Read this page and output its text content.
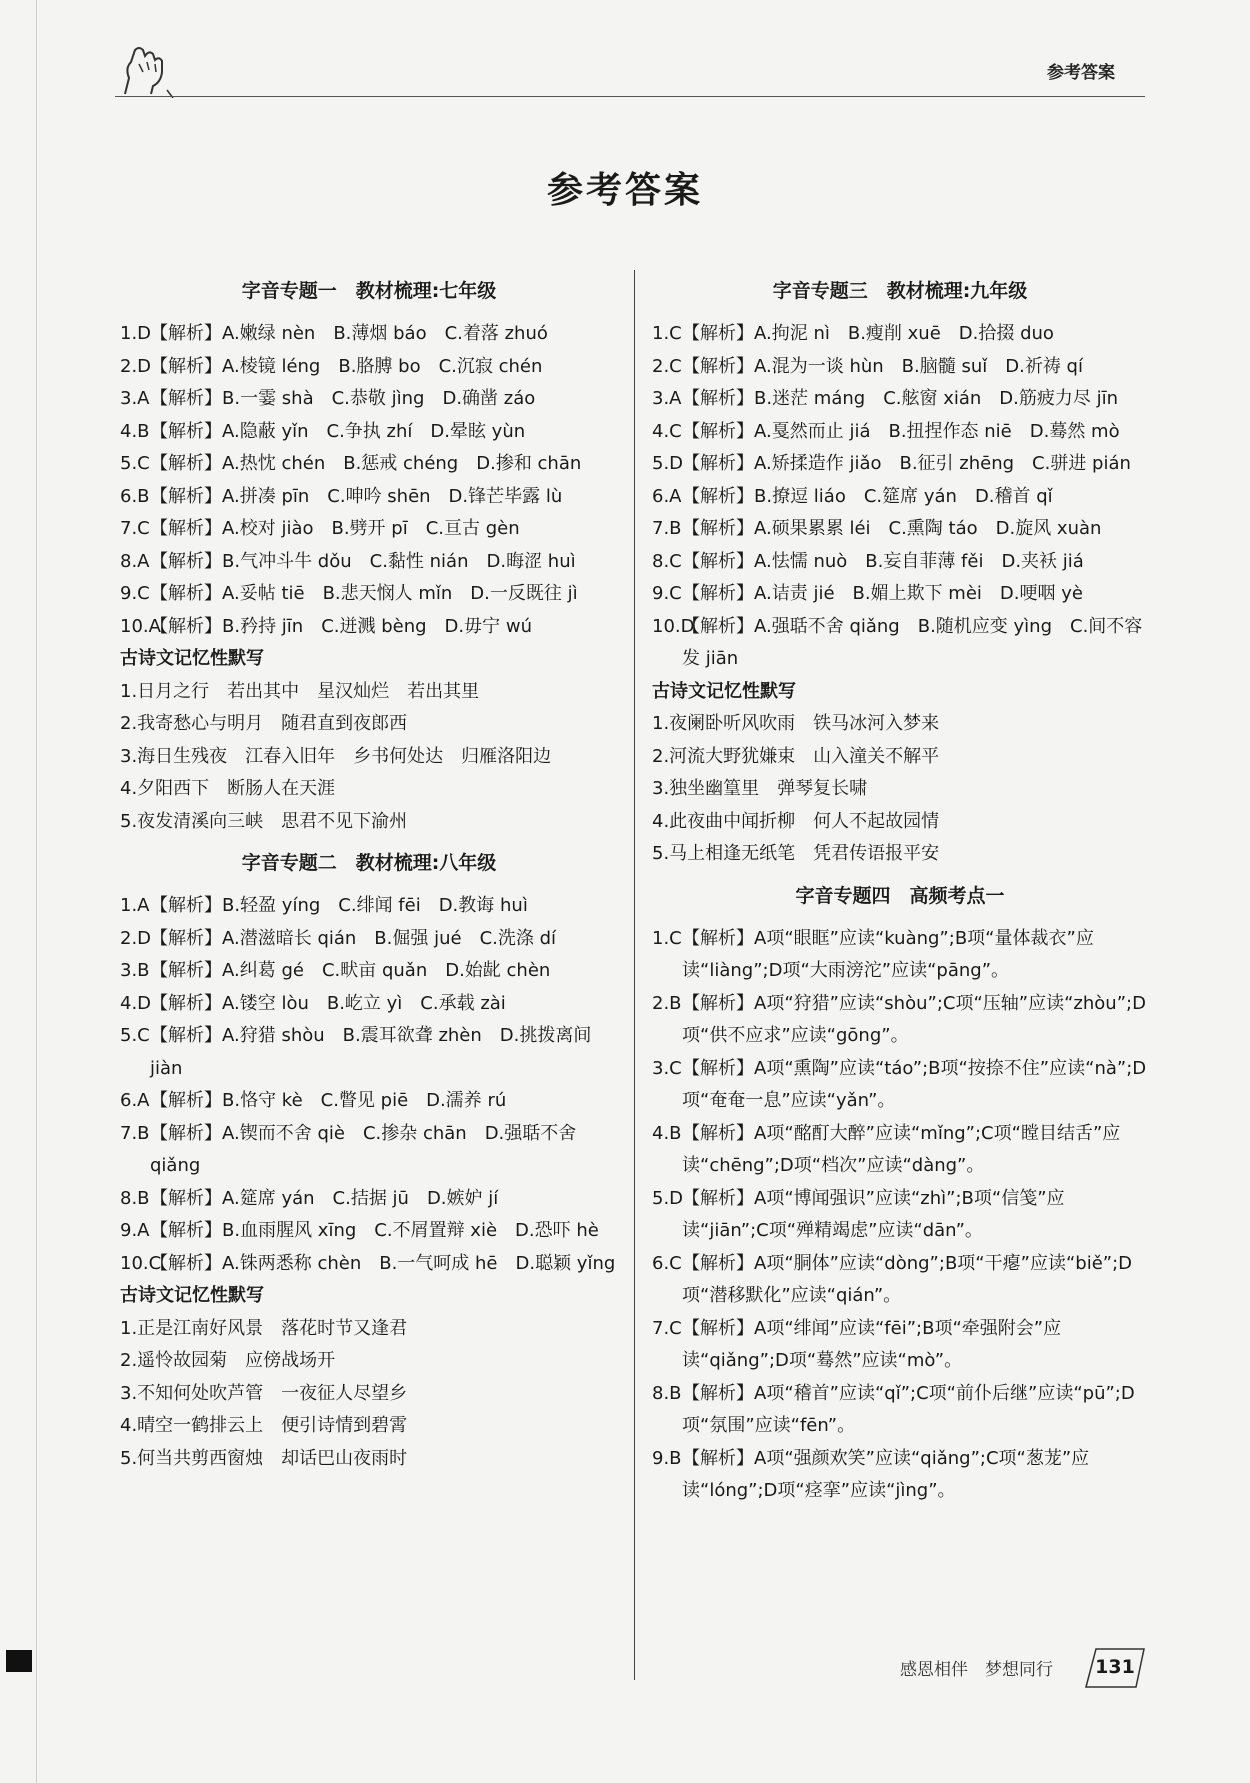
参考答案
参考答案
字音专题一　教材梳理:七年级
1.D【解析】A.嫩绿 nèn　B.薄烟 báo　C.着落 zhuó
2.D【解析】A.棱镜 léng　B.胳膊 bo　C.沉寂 chén
3.A【解析】B.一霎 shà　C.恭敬 jìng　D.确凿 záo
4.B【解析】A.隐蔽 yǐn　C.争执 zhí　D.晕眩 yùn
5.C【解析】A.热忱 chén　B.惩戒 chéng　D.掺和 chān
6.B【解析】A.拼凑 pīn　C.呻吟 shēn　D.锋芒毕露 lù
7.C【解析】A.校对 jiào　B.劈开 pī　C.亘古 gèn
8.A【解析】B.气冲斗牛 dǒu　C.黏性 nián　D.晦涩 huì
9.C【解析】A.妥帖 tiē　B.悲天悯人 mǐn　D.一反既往 jì
10.A【解析】B.矜持 jīn　C.迸溅 bèng　D.毋宁 wú
古诗文记忆性默写
1.日月之行　若出其中　星汉灿烂　若出其里
2.我寄愁心与明月　随君直到夜郎西
3.海日生残夜　江春入旧年　乡书何处达　归雁洛阳边
4.夕阳西下　断肠人在天涯
5.夜发清溪向三峡　思君不见下渝州
字音专题二　教材梳理:八年级
1.A【解析】B.轻盈 yíng　C.绯闻 fēi　D.教诲 huì
2.D【解析】A.潜滋暗长 qián　B.倔强 jué　C.洗涤 dí
3.B【解析】A.纠葛 gé　C.畎亩 quǎn　D.始龀 chèn
4.D【解析】A.镂空 lòu　B.屹立 yì　C.承载 zài
5.C【解析】A.狩猎 shòu　B.震耳欲聋 zhèn　D.挑拨离间 jiàn
6.A【解析】B.恪守 kè　C.瞥见 piē　D.濡养 rú
7.B【解析】A.锲而不舍 qiè　C.掺杂 chān　D.强聒不舍 qiǎng
8.B【解析】A.筵席 yán　C.拮据 jū　D.嫉妒 jí
9.A【解析】B.血雨腥风 xīng　C.不屑置辩 xiè　D.恐吓 hè
10.C【解析】A.铢两悉称 chèn　B.一气呵成 hē　D.聪颖 yǐng
古诗文记忆性默写
1.正是江南好风景　落花时节又逢君
2.遥怜故园菊　应傍战场开
3.不知何处吹芦管　一夜征人尽望乡
4.晴空一鹤排云上　便引诗情到碧霄
5.何当共剪西窗烛　却话巴山夜雨时
字音专题三　教材梳理:九年级
1.C【解析】A.拘泥 nì　B.瘦削 xuē　D.拾掇 duo
2.C【解析】A.混为一谈 hùn　B.脑髓 suǐ　D.祈祷 qí
3.A【解析】B.迷茫 máng　C.舷窗 xián　D.筋疲力尽 jīn
4.C【解析】A.戛然而止 jiá　B.扭捏作态 niē　D.蓦然 mò
5.D【解析】A.矫揉造作 jiǎo　B.征引 zhēng　C.骈进 pián
6.A【解析】B.撩逗 liáo　C.筵席 yán　D.稽首 qǐ
7.B【解析】A.硕果累累 léi　C.熏陶 táo　D.旋风 xuàn
8.C【解析】A.怯懦 nuò　B.妄自菲薄 fěi　D.夹袄 jiá
9.C【解析】A.诘责 jié　B.媚上欺下 mèi　D.哽咽 yè
10.D【解析】A.强聒不舍 qiǎng　B.随机应变 yìng　C.间不容发 jiān
古诗文记忆性默写
1.夜阑卧听风吹雨　铁马冰河入梦来
2.河流大野犹嫌束　山入潼关不解平
3.独坐幽篁里　弹琴复长啸
4.此夜曲中闻折柳　何人不起故园情
5.马上相逢无纸笔　凭君传语报平安
字音专题四　高频考点一
1.C【解析】A项“眼眶”应读“kuàng”;B项“量体裁衣”应读“liàng”;D项“大雨滂沱”应读“pāng”。
2.B【解析】A项“狩猎”应读“shòu”;C项“压轴”应读“zhòu”;D项“供不应求”应读“gōng”。
3.C【解析】A项“熏陶”应读“táo”;B项“按捺不住”应读“nà”;D项“奄奄一息”应读“yǎn”。
4.B【解析】A项“酩酊大醉”应读“mǐng”;C项“瞠目结舌”应读“chēng”;D项“档次”应读“dàng”。
5.D【解析】A项“博闻强识”应读“zhì”;B项“信笺”应读“jiān”;C项“殚精竭虑”应读“dān”。
6.C【解析】A项“胴体”应读“dòng”;B项“干瘪”应读“biě”;D项“潜移默化”应读“qián”。
7.C【解析】A项“绯闻”应读“fēi”;B项“牵强附会”应读“qiǎng”;D项“蓦然”应读“mò”。
8.B【解析】A项“稽首”应读“qǐ”;C项“前仆后继”应读“pū”;D项“氛围”应读“fēn”。
9.B【解析】A项“强颜欢笑”应读“qiǎng”;C项“葱茏”应读“lóng”;D项“痉挛”应读“jìng”。
感恩相伴　梦想同行	131
